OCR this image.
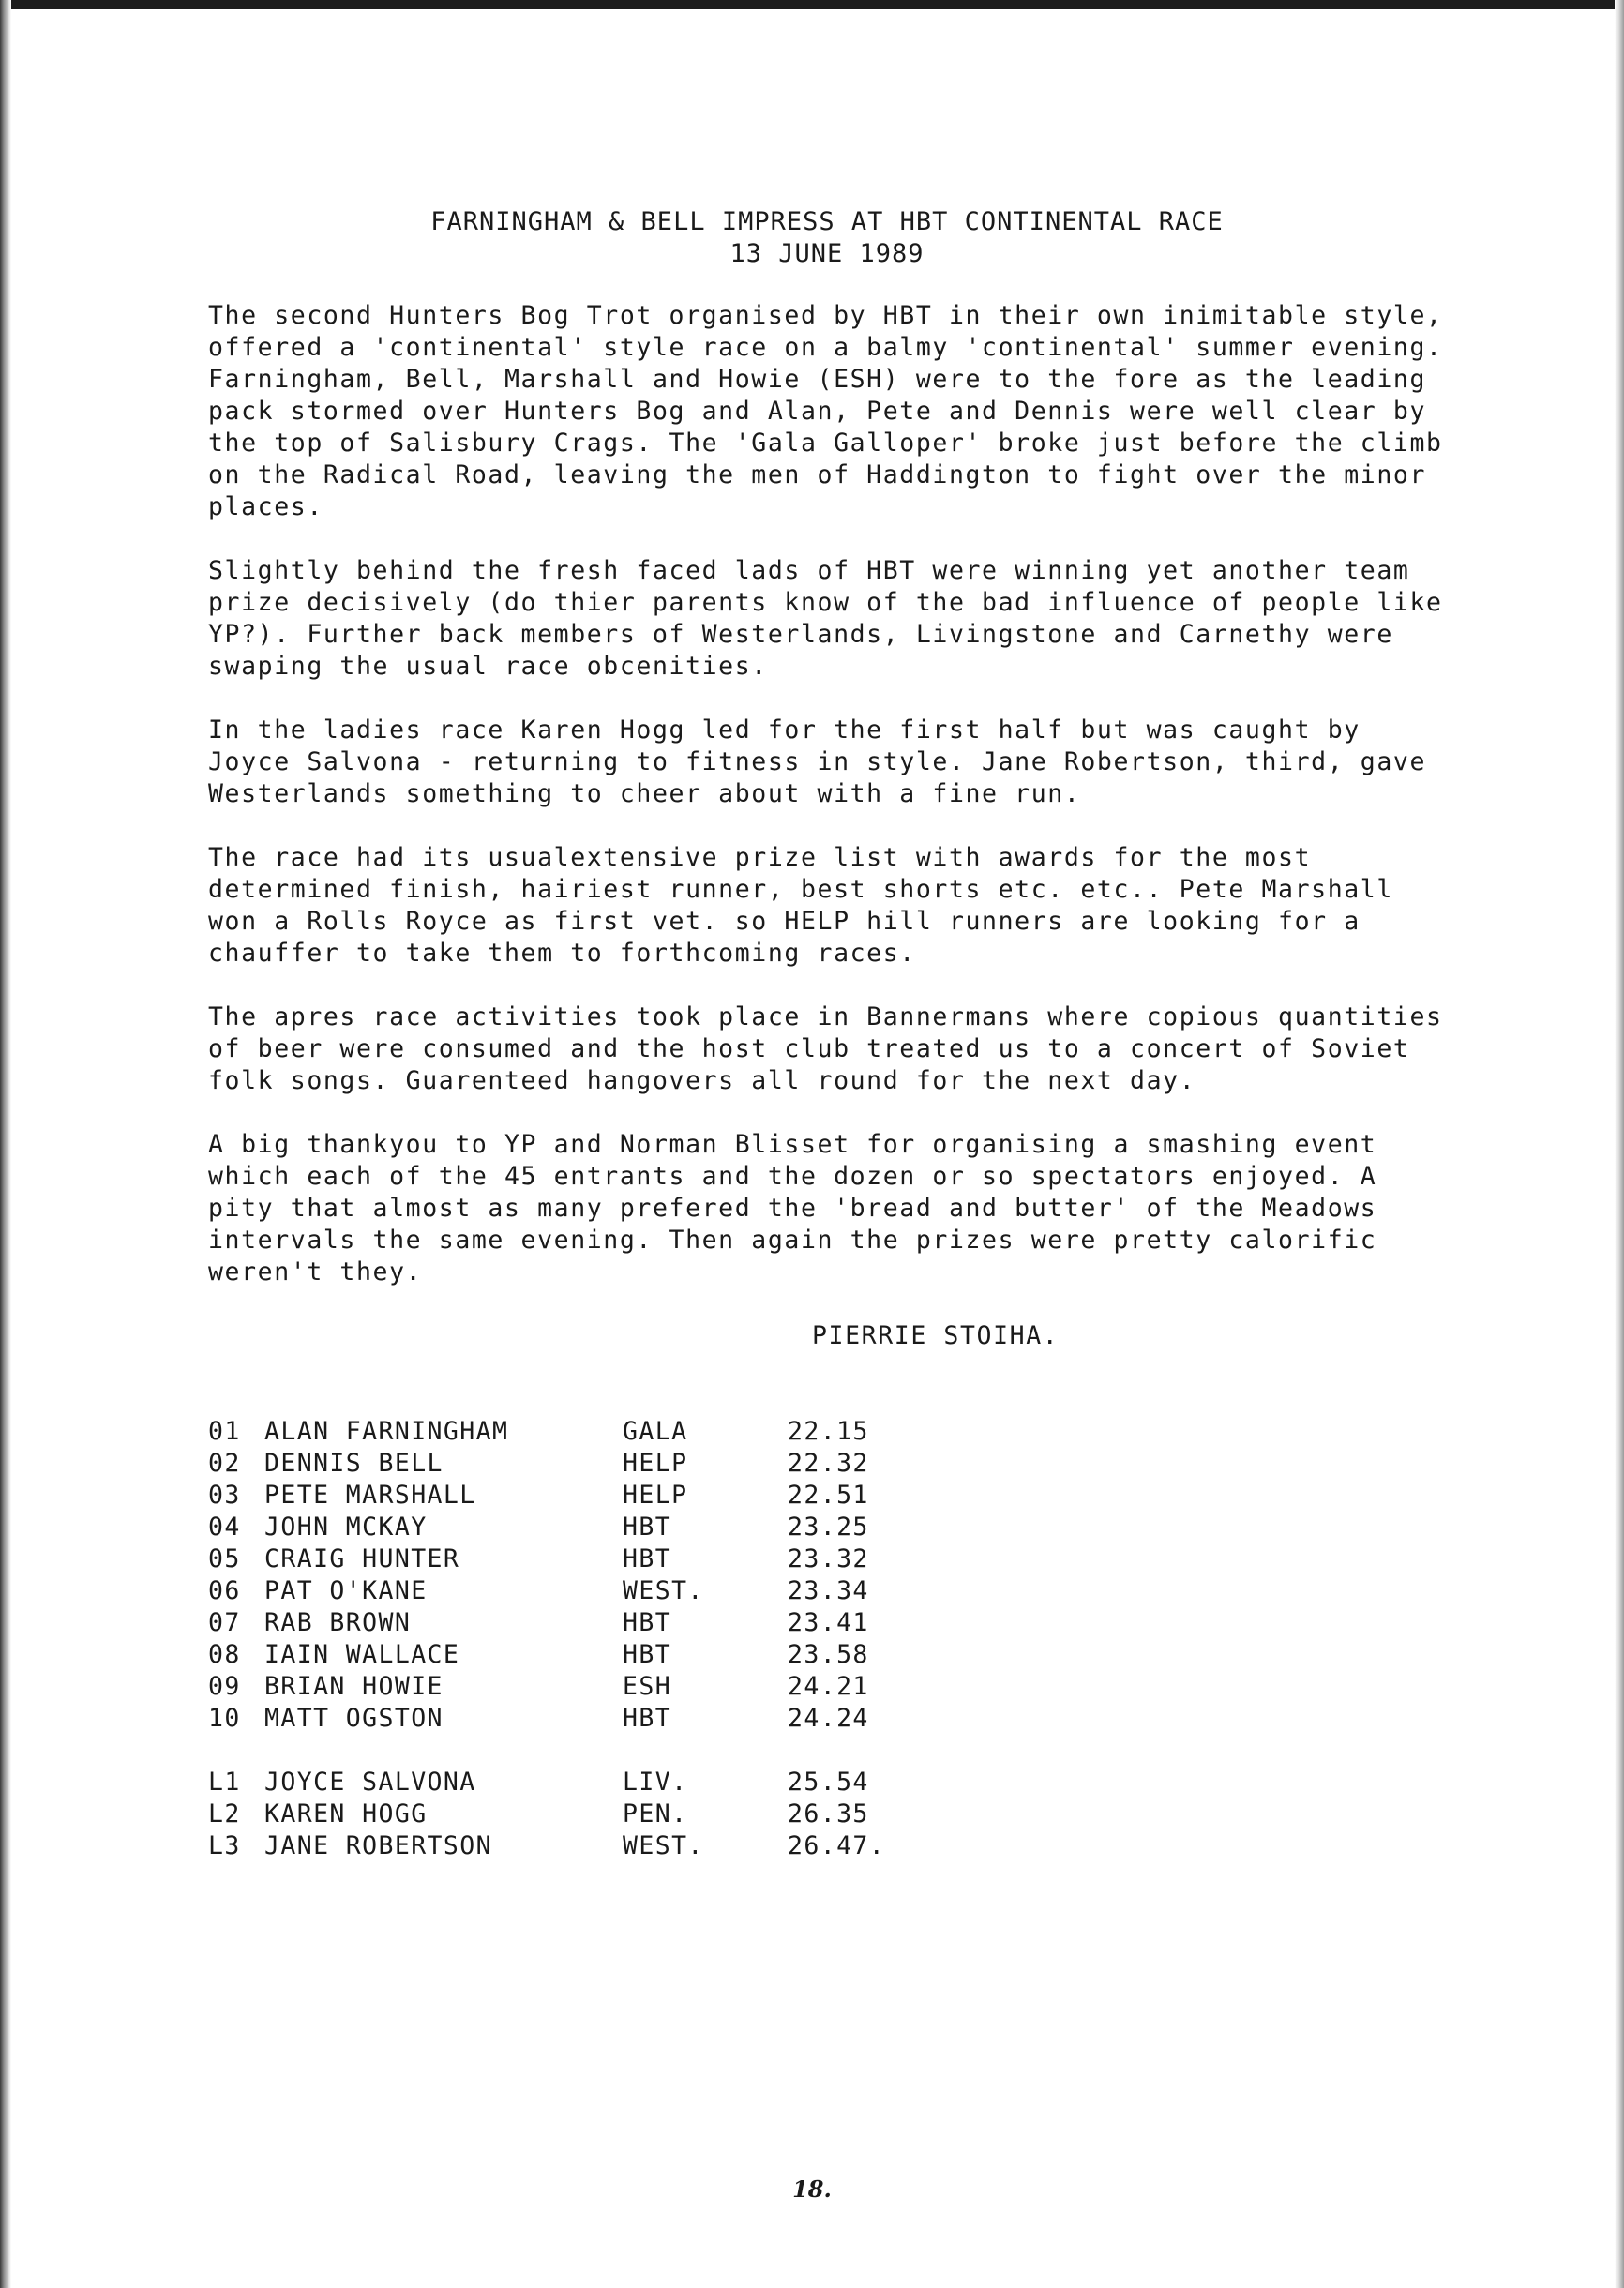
FARNINGHAM & BELL IMPRESS AT HBT CONTINENTAL RACE
13 JUNE 1989

The second Hunters Bog Trot organised by HBT in their own inimitable style, offered a 'continental' style race on a balmy 'continental' summer evening. Farningham, Bell, Marshall and Howie (ESH) were to the fore as the leading pack stormed over Hunters Bog and Alan, Pete and Dennis were well clear by the top of Salisbury Crags. The 'Gala Galloper' broke just before the climb on the Radical Road, leaving the men of Haddington to fight over the minor places.

Slightly behind the fresh faced lads of HBT were winning yet another team prize decisively (do thier parents know of the bad influence of people like YP?). Further back members of Westerlands, Livingstone and Carnethy were swaping the usual race obcenities.

In the ladies race Karen Hogg led for the first half but was caught by Joyce Salvona - returning to fitness in style. Jane Robertson, third, gave Westerlands something to cheer about with a fine run.

The race had its usualextensive prize list with awards for the most determined finish, hairiest runner, best shorts etc. etc.. Pete Marshall won a Rolls Royce as first vet. so HELP hill runners are looking for a chauffer to take them to forthcoming races.

The apres race activities took place in Bannermans where copious quantities of beer were consumed and the host club treated us to a concert of Soviet folk songs. Guarenteed hangovers all round for the next day.

A big thankyou to YP and Norman Blisset for organising a smashing event which each of the 45 entrants and the dozen or so spectators enjoyed. A pity that almost as many prefered the 'bread and butter' of the Meadows intervals the same evening. Then again the prizes were pretty calorific weren't they.

PIERRIE STOIHA.

01 ALAN FARNINGHAM	GALA	22.15
02 DENNIS BELL	HELP	22.32
03 PETE MARSHALL	HELP	22.51
04 JOHN MCKAY	HBT	23.25
05 CRAIG HUNTER	HBT	23.32
06 PAT O'KANE	WEST.	23.34
07 RAB BROWN	HBT	23.41
08 IAIN WALLACE	HBT	23.58
09 BRIAN HOWIE	ESH	24.21
10 MATT OGSTON	HBT	24.24
L1 JOYCE SALVONA	LIV.	25.54
L2 KAREN HOGG	PEN.	26.35
L3 JANE ROBERTSON	WEST.	26.47.
18.
